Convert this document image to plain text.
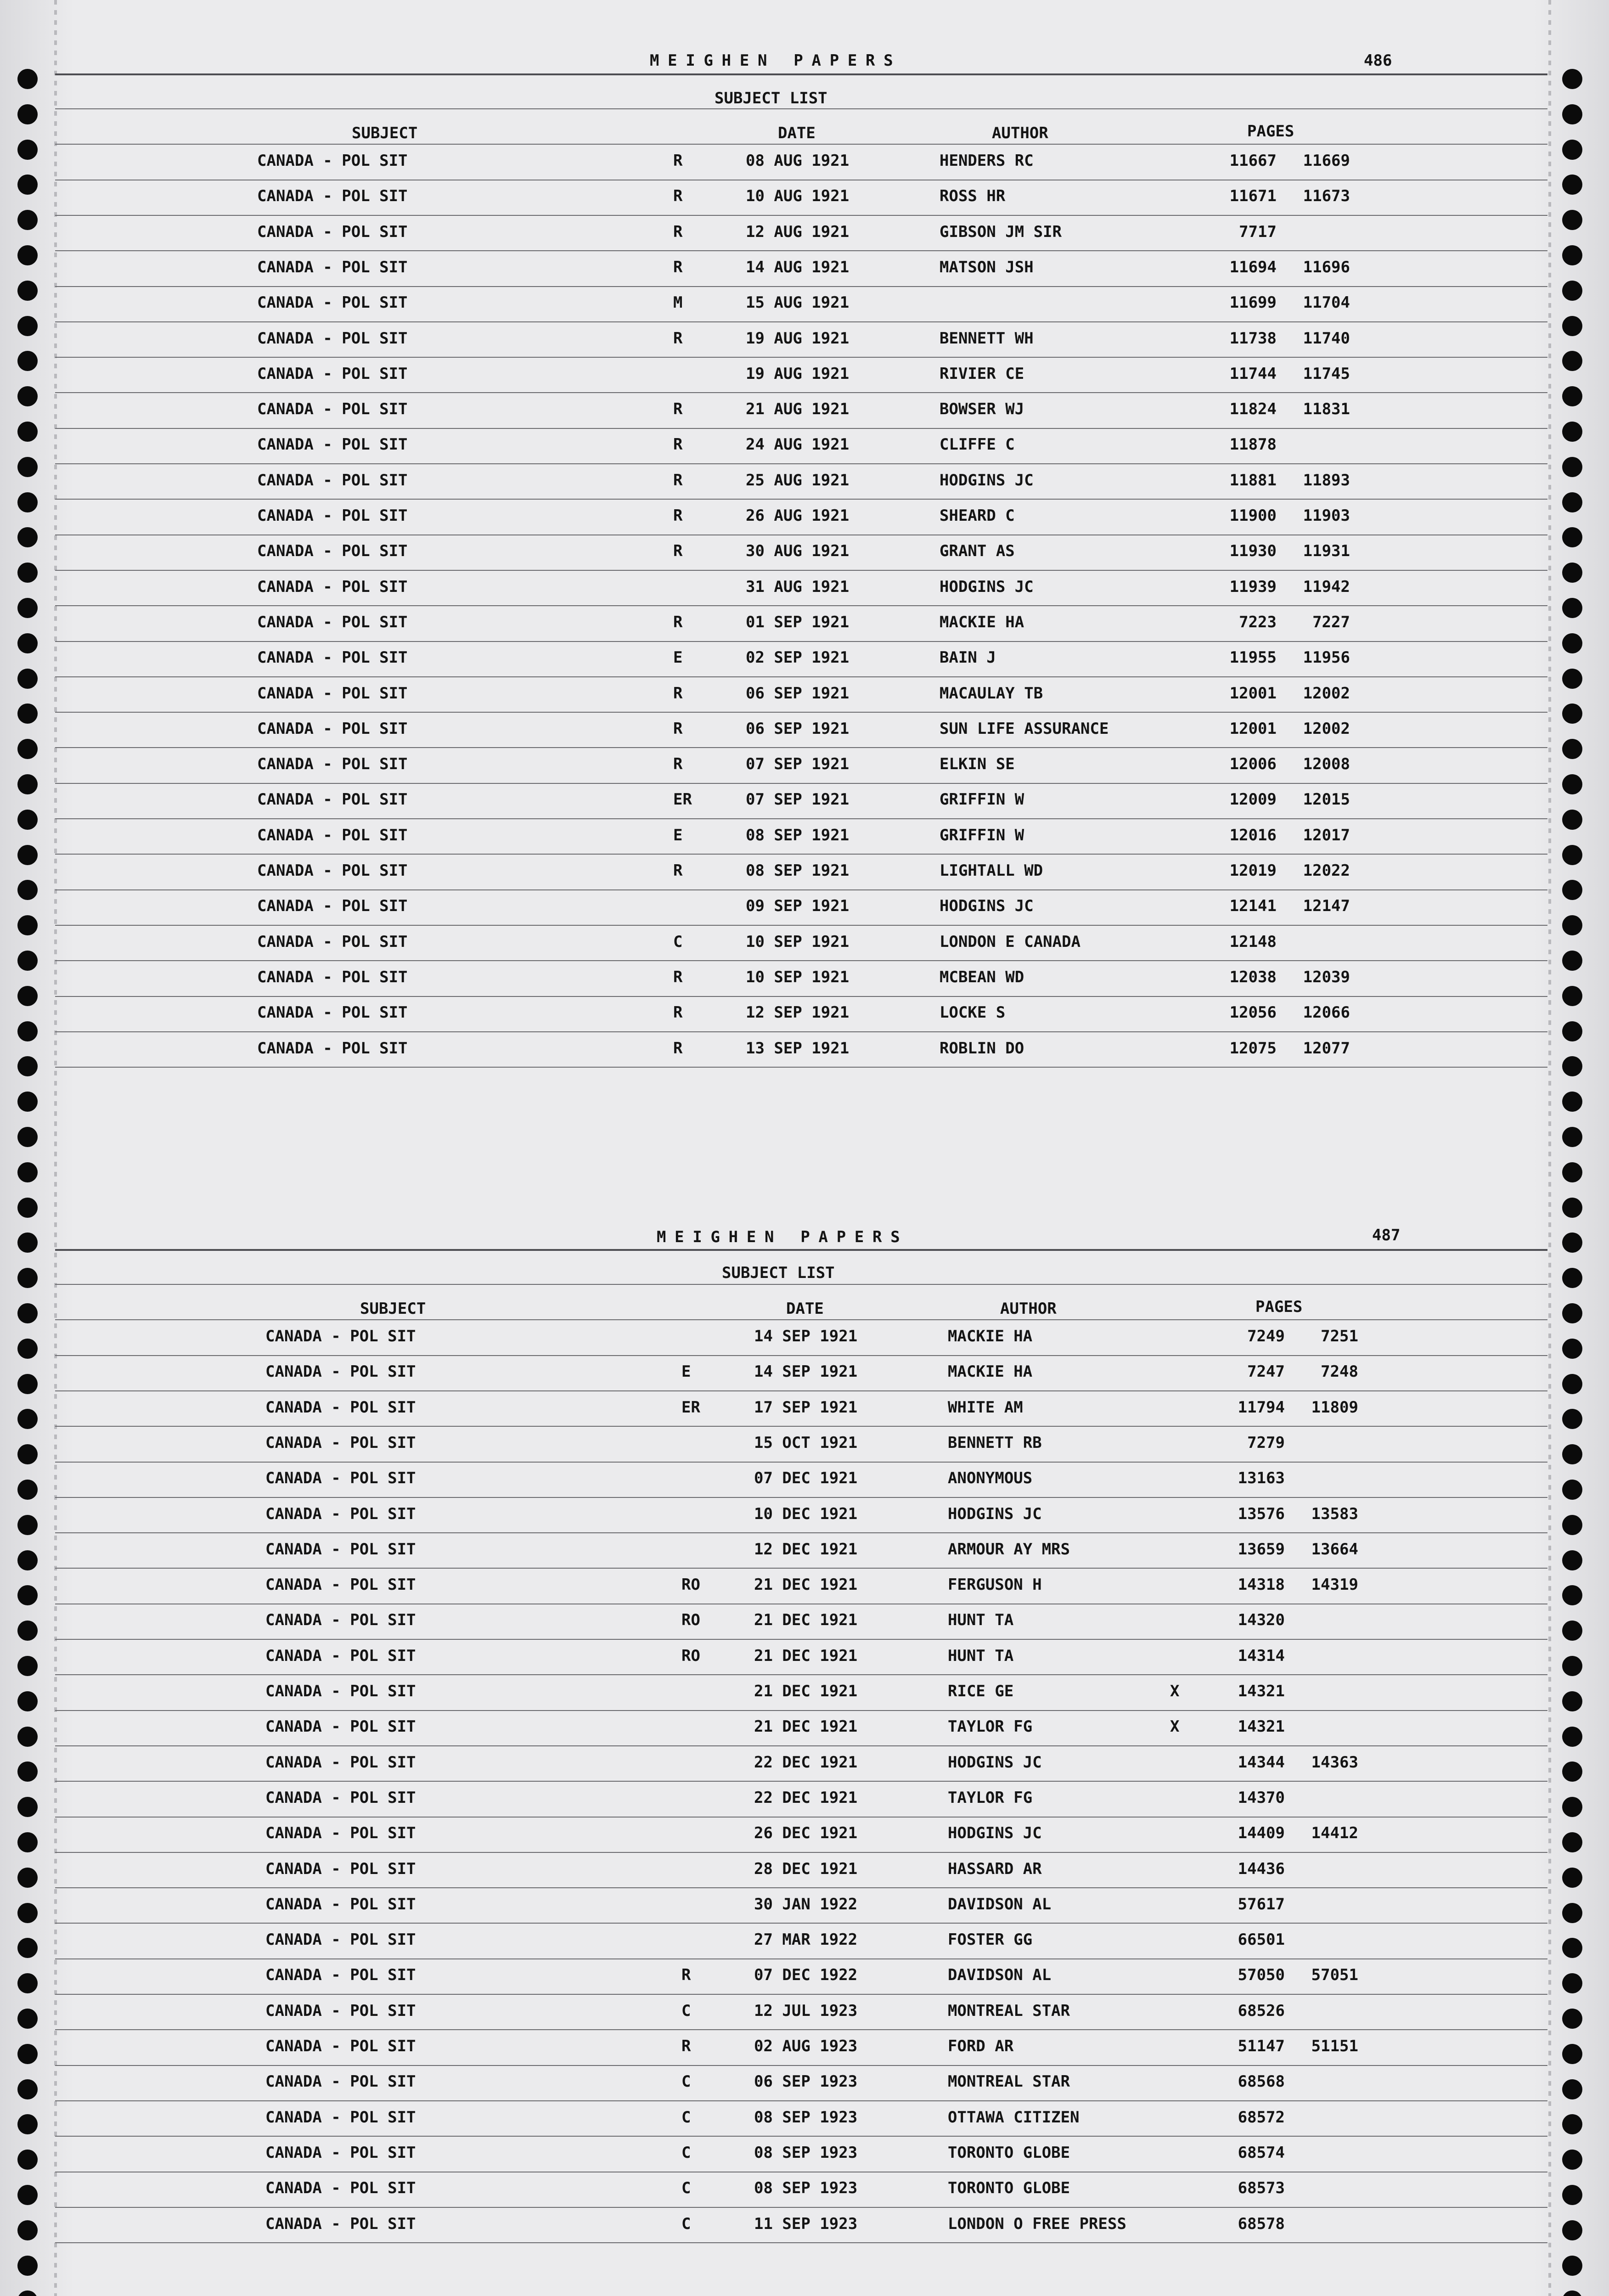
MEIGHEN PAPERS	486
SUBJECT LIST
SUBJECT	DATE	AUTHOR	PAGES
CANADA - POL SIT	R	08 AUG 1921	HENDERS RC	11667	11669
CANADA - POL SIT	R	10 AUG 1921	ROSS HR	11671	11673
CANADA - POL SIT	R	12 AUG 1921	GIBSON JM SIR	7717
CANADA - POL SIT	R	14 AUG 1921	MATSON JSH	11694	11696
CANADA - POL SIT	M	15 AUG 1921	11699	11704
CANADA - POL SIT	R	19 AUG 1921	BENNETT WH	11738	11740
CANADA - POL SIT	19 AUG 1921	RIVIER CE	11744	11745
CANADA - POL SIT	R	21 AUG 1921	BOWSER WJ	11824	11831
CANADA - POL SIT	R	24 AUG 1921	CLIFFE C	11878
CANADA - POL SIT	R	25 AUG 1921	HODGINS JC	11881	11893
CANADA - POL SIT	R	26 AUG 1921	SHEARD C	11900	11903
CANADA - POL SIT	R	30 AUG 1921	GRANT AS	11930	11931
CANADA - POL SIT	31 AUG 1921	HODGINS JC	11939	11942
CANADA - POL SIT	R	01 SEP 1921	MACKIE HA	7223	7227
CANADA - POL SIT	E	02 SEP 1921	BAIN J	11955	11956
CANADA - POL SIT	R	06 SEP 1921	MACAULAY TB	12001	12002
CANADA - POL SIT	R	06 SEP 1921	SUN LIFE ASSURANCE	12001	12002
CANADA - POL SIT	R	07 SEP 1921	ELKIN SE	12006	12008
CANADA - POL SIT	ER	07 SEP 1921	GRIFFIN W	12009	12015
CANADA - POL SIT	E	08 SEP 1921	GRIFFIN W	12016	12017
CANADA - POL SIT	R	08 SEP 1921	LIGHTALL WD	12019	12022
CANADA - POL SIT	09 SEP 1921	HODGINS JC	12141	12147
CANADA - POL SIT	C	10 SEP 1921	LONDON E CANADA	12148
CANADA - POL SIT	R	10 SEP 1921	MCBEAN WD	12038	12039
CANADA - POL SIT	R	12 SEP 1921	LOCKE S	12056	12066
CANADA - POL SIT	R	13 SEP 1921	ROBLIN DO	12075	12077
MEIGHEN PAPERS	487
SUBJECT LIST
SUBJECT	DATE	AUTHOR	PAGES
CANADA - POL SIT	14 SEP 1921	MACKIE HA	7249	7251
CANADA - POL SIT	E	14 SEP 1921	MACKIE HA	7247	7248
CANADA - POL SIT	ER	17 SEP 1921	WHITE AM	11794	11809
CANADA - POL SIT	15 OCT 1921	BENNETT RB	7279
CANADA - POL SIT	07 DEC 1921	ANONYMOUS	13163
CANADA - POL SIT	10 DEC 1921	HODGINS JC	13576	13583
CANADA - POL SIT	12 DEC 1921	ARMOUR AY MRS	13659	13664
CANADA - POL SIT	RO	21 DEC 1921	FERGUSON H	14318	14319
CANADA - POL SIT	RO	21 DEC 1921	HUNT TA	14320
CANADA - POL SIT	RO	21 DEC 1921	HUNT TA	14314
CANADA - POL SIT	21 DEC 1921	RICE GE	X	14321
CANADA - POL SIT	21 DEC 1921	TAYLOR FG	X	14321
CANADA - POL SIT	22 DEC 1921	HODGINS JC	14344	14363
CANADA - POL SIT	22 DEC 1921	TAYLOR FG	14370
CANADA - POL SIT	26 DEC 1921	HODGINS JC	14409	14412
CANADA - POL SIT	28 DEC 1921	HASSARD AR	14436
CANADA - POL SIT	30 JAN 1922	DAVIDSON AL	57617
CANADA - POL SIT	27 MAR 1922	FOSTER GG	66501
CANADA - POL SIT	R	07 DEC 1922	DAVIDSON AL	57050	57051
CANADA - POL SIT	C	12 JUL 1923	MONTREAL STAR	68526
CANADA - POL SIT	R	02 AUG 1923	FORD AR	51147	51151
CANADA - POL SIT	C	06 SEP 1923	MONTREAL STAR	68568
CANADA - POL SIT	C	08 SEP 1923	OTTAWA CITIZEN	68572
CANADA - POL SIT	C	08 SEP 1923	TORONTO GLOBE	68574
CANADA - POL SIT	C	08 SEP 1923	TORONTO GLOBE	68573
CANADA - POL SIT	C	11 SEP 1923	LONDON O FREE PRESS	68578
